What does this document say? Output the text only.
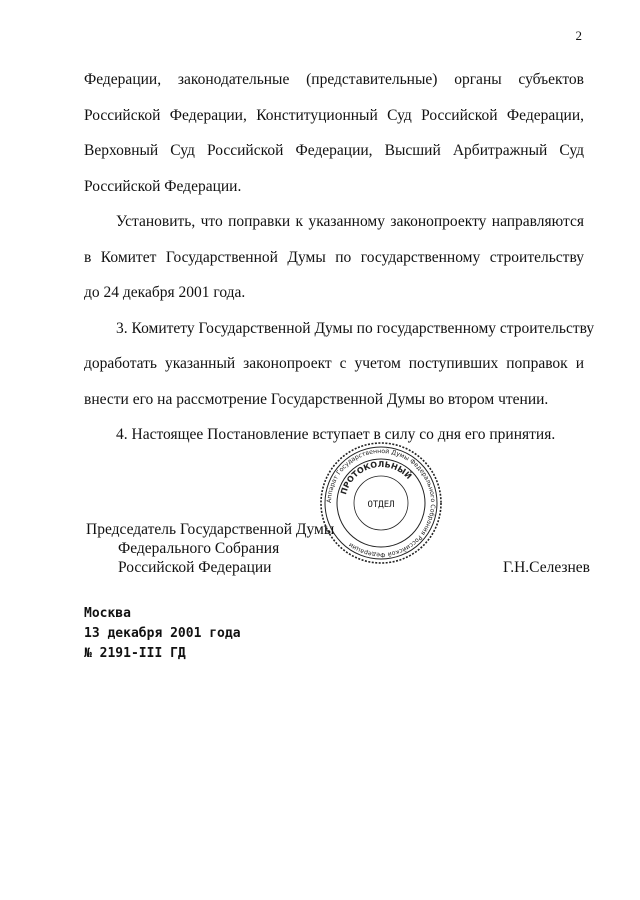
2

Федерации, законодательные (представительные) органы субъектов
Российской Федерации, Конституционный Суд Российской Федерации,
Верховный Суд Российской Федерации, Высший Арбитражный Суд
Российской Федерации.

Установить, что поправки к указанному законопроекту направляются
в Комитет Государственной Думы по государственному строительству
до 24 декабря 2001 года.

3. Комитету Государственной Думы по государственному строительству
доработать указанный законопроект с учетом поступивших поправок и
внести его на рассмотрение Государственной Думы во втором чтении.

4. Настоящее Постановление вступает в силу со дня его принятия.

Аппарат Государственной Думы Федерального Собрания Российской Федерации
ПРОТОКОЛЬНЫЙ
ОТДЕЛ
Председатель Государственной Думы
Федерального Собрания
Российской Федерации	Г.Н.Селезнев
Москва
13 декабря 2001 года
№ 2191-III ГД
